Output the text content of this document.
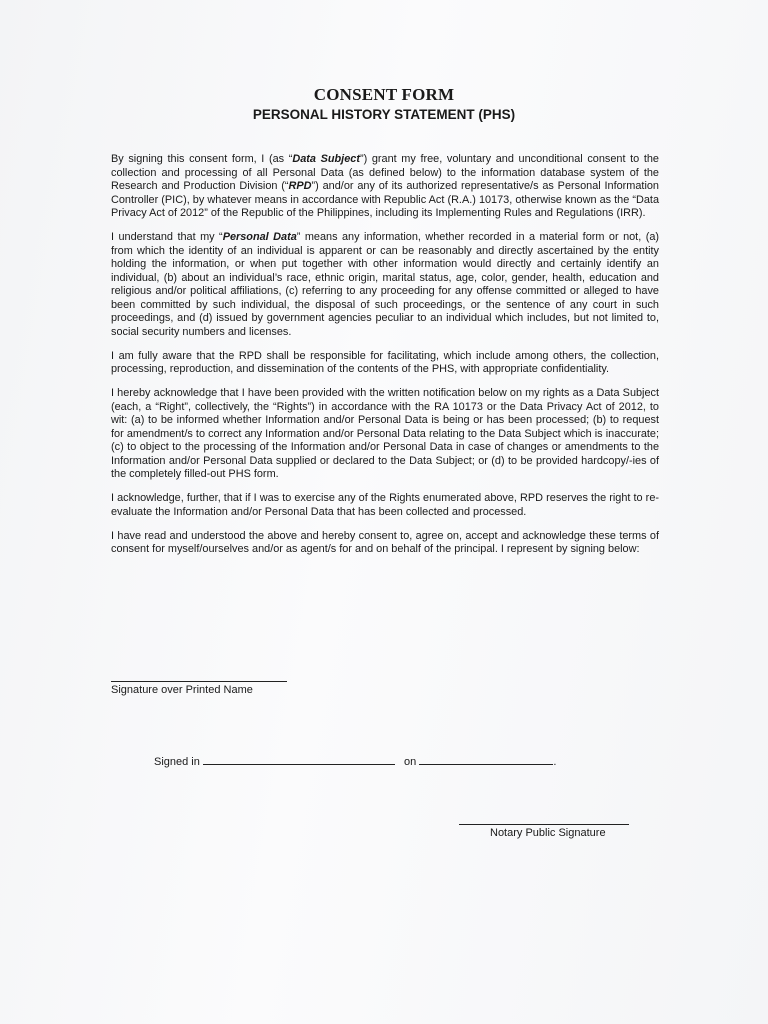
CONSENT FORM
PERSONAL HISTORY STATEMENT (PHS)

By signing this consent form, I (as “Data Subject”) grant my free, voluntary and unconditional consent to the collection and processing of all Personal Data (as defined below) to the information database system of the Research and Production Division (“RPD”) and/or any of its authorized representative/s as Personal Information Controller (PIC), by whatever means in accordance with Republic Act (R.A.) 10173, otherwise known as the “Data Privacy Act of 2012” of the Republic of the Philippines, including its Implementing Rules and Regulations (IRR).

I understand that my “Personal Data” means any information, whether recorded in a material form or not, (a) from which the identity of an individual is apparent or can be reasonably and directly ascertained by the entity holding the information, or when put together with other information would directly and certainly identify an individual, (b) about an individual’s race, ethnic origin, marital status, age, color, gender, health, education and religious and/or political affiliations, (c) referring to any proceeding for any offense committed or alleged to have been committed by such individual, the disposal of such proceedings, or the sentence of any court in such proceedings, and (d) issued by government agencies peculiar to an individual which includes, but not limited to, social security numbers and licenses.

I am fully aware that the RPD shall be responsible for facilitating, which include among others, the collection, processing, reproduction, and dissemination of the contents of the PHS, with appropriate confidentiality.

I hereby acknowledge that I have been provided with the written notification below on my rights as a Data Subject (each, a “Right”, collectively, the “Rights”) in accordance with the RA 10173 or the Data Privacy Act of 2012, to wit: (a) to be informed whether Information and/or Personal Data is being or has been processed; (b) to request for amendment/s to correct any Information and/or Personal Data relating to the Data Subject which is inaccurate; (c) to object to the processing of the Information and/or Personal Data in case of changes or amendments to the Information and/or Personal Data supplied or declared to the Data Subject; or (d) to be provided hardcopy/-ies of the completely filled-out PHS form.

I acknowledge, further, that if I was to exercise any of the Rights enumerated above, RPD reserves the right to re-evaluate the Information and/or Personal Data that has been collected and processed.

I have read and understood the above and hereby consent to, agree on, accept and acknowledge these terms of consent for myself/ourselves and/or as agent/s for and on behalf of the principal. I represent by signing below:

Signature over Printed Name
Signed in	on	.
Notary Public Signature
